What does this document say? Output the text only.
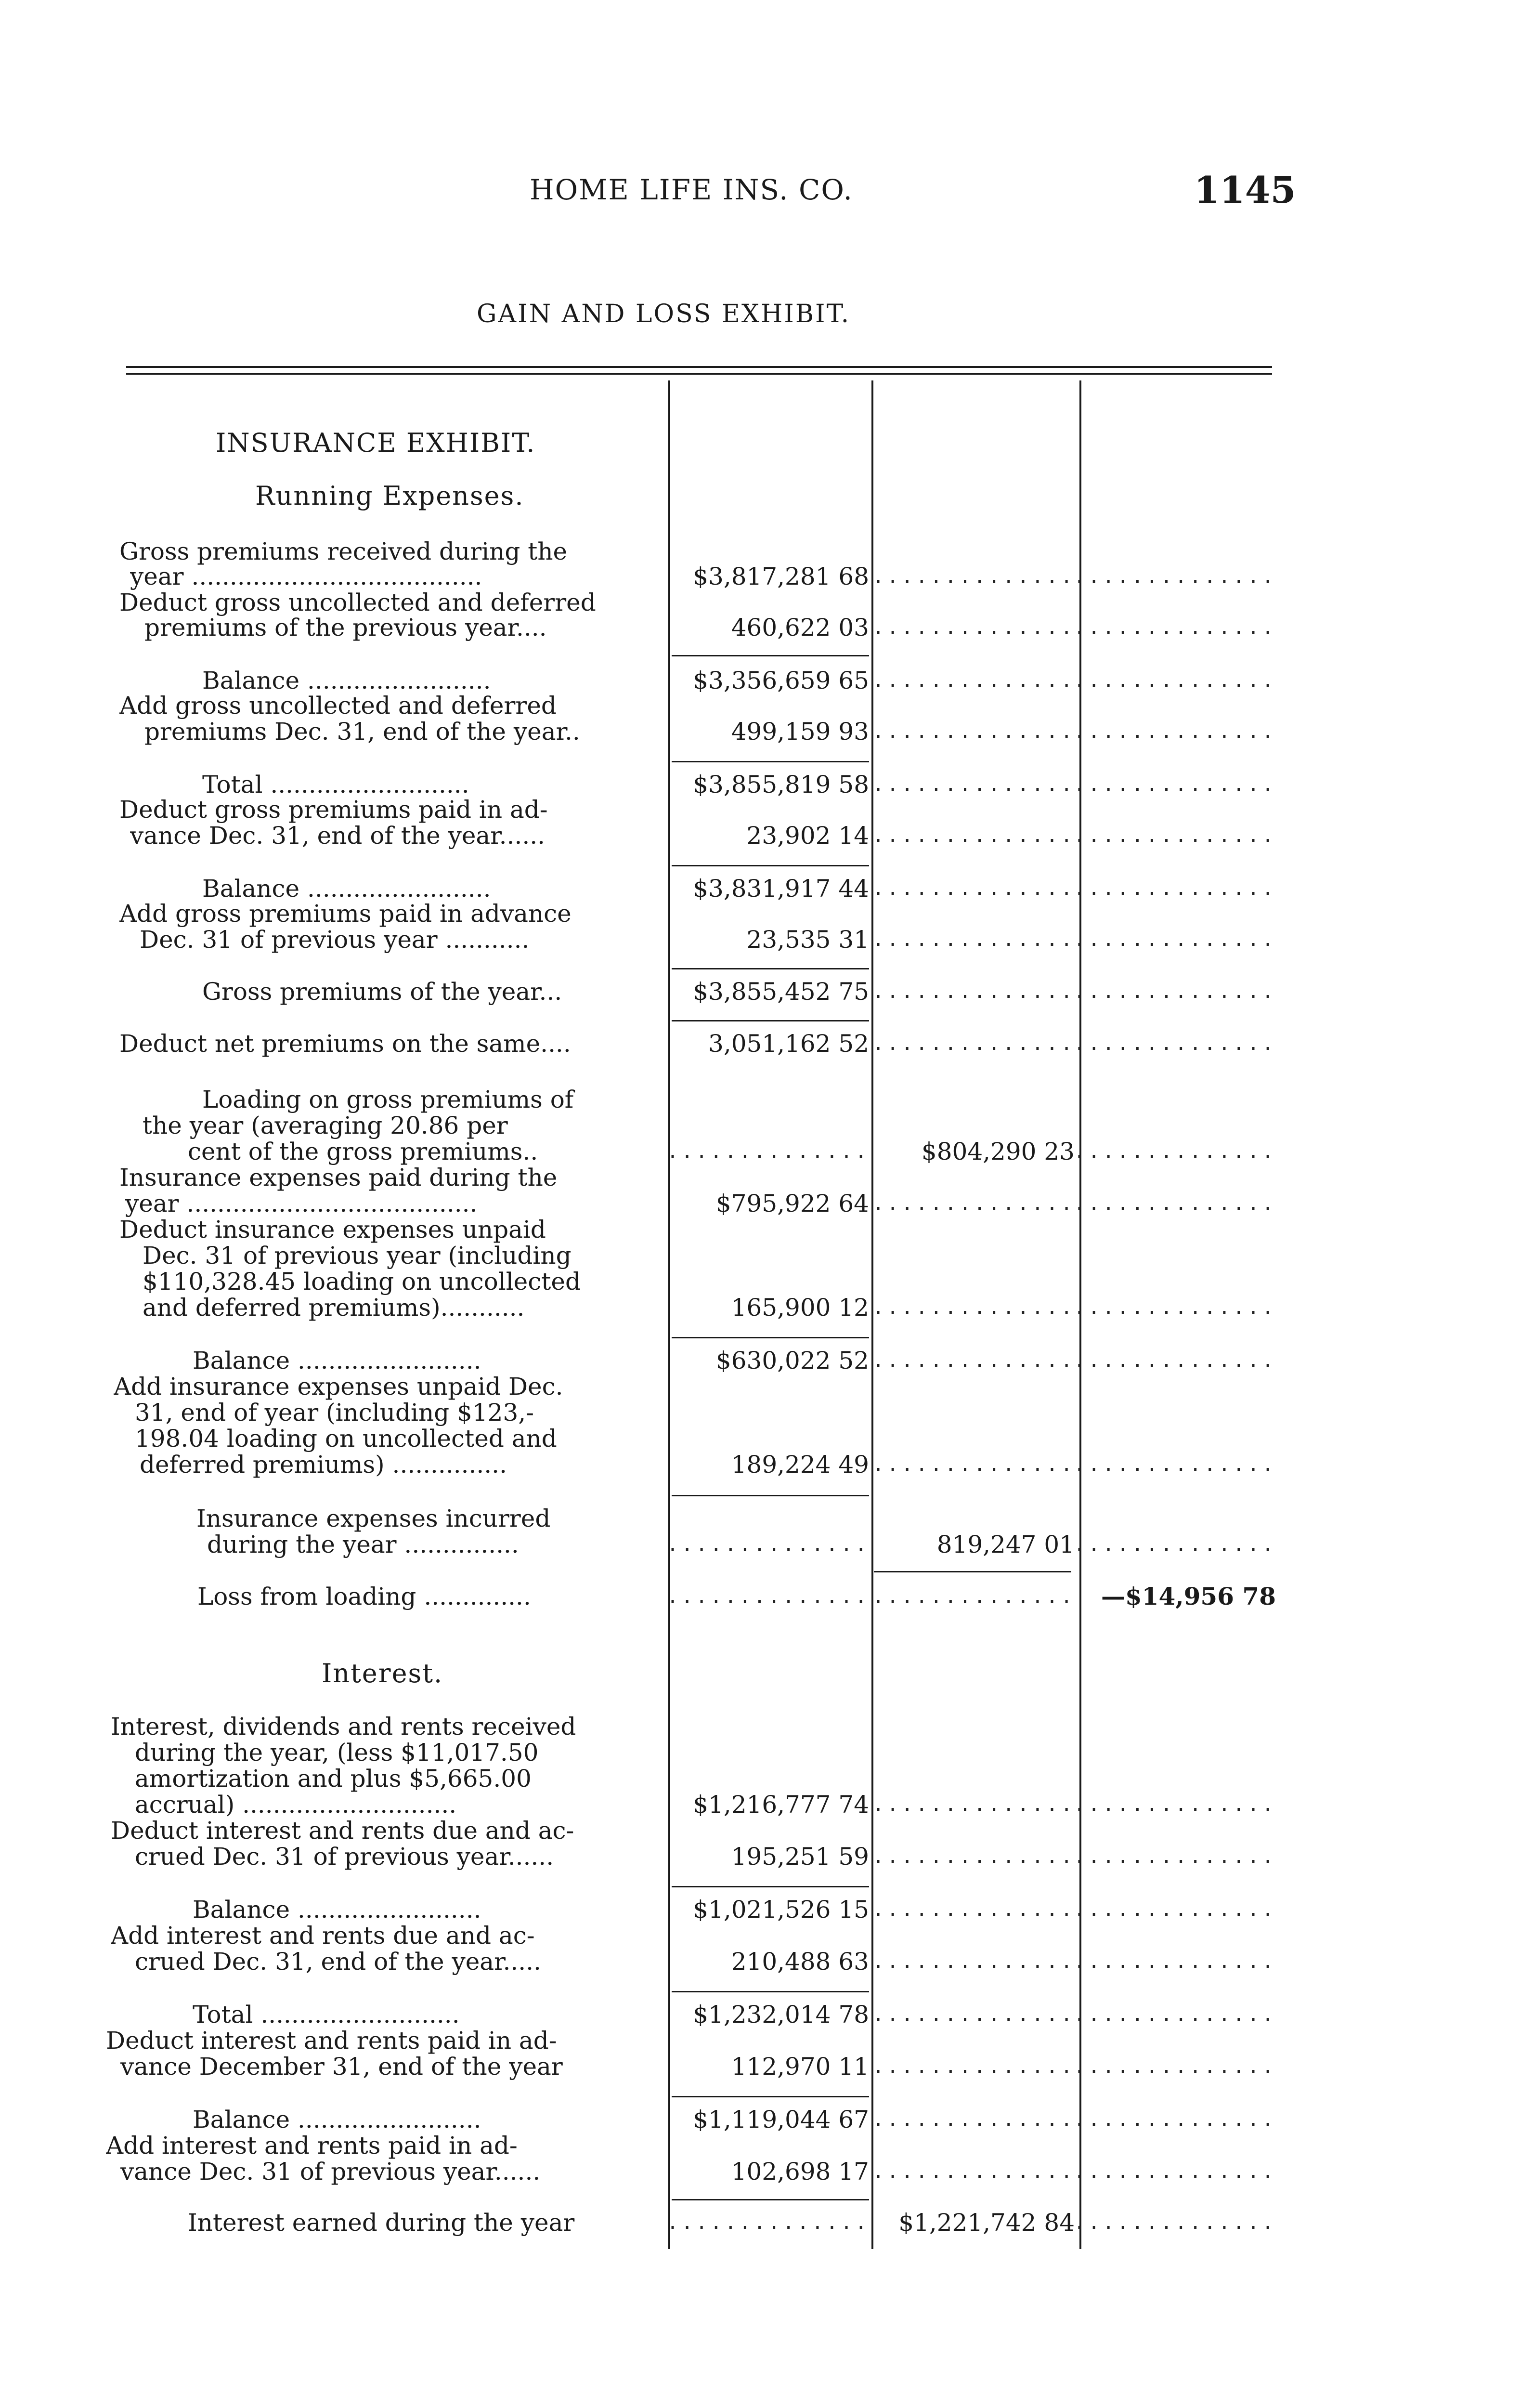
HOME LIFE INS. CO.	1145
GAIN AND LOSS EXHIBIT.
INSURANCE EXHIBIT.
Running Expenses.
Interest.
Gross premiums received during the
year ......................................	$3,817,281 68 ..............
..............
Deduct gross uncollected and deferred
premiums of the previous year....	460,622 03 ..............
..............
Balance ........................	$3,356,659 65 ..............
..............
Add gross uncollected and deferred
premiums Dec. 31, end of the year..	499,159 93 ..............
..............
Total ..........................	$3,855,819 58 ..............
..............
Deduct gross premiums paid in ad-
vance Dec. 31, end of the year......	23,902 14 ..............
..............
Balance ........................	$3,831,917 44 ..............
..............
Add gross premiums paid in advance
Dec. 31 of previous year ...........	23,535 31 ..............
..............
Gross premiums of the year...	$3,855,452 75 ..............
..............
Deduct net premiums on the same....	3,051,162 52 ..............
..............
Loading on gross premiums of
the year (averaging 20.86 per
cent of the gross premiums..	..............	$804,290 23
..............
Insurance expenses paid during the
year ......................................	$795,922 64 ..............
..............
Deduct insurance expenses unpaid
Dec. 31 of previous year (including
$110,328.45 loading on uncollected
and deferred premiums)...........	165,900 12 ..............
..............
Balance ........................	$630,022 52 ..............
..............
Add insurance expenses unpaid Dec.
31, end of year (including $123,-
198.04 loading on uncollected and
deferred premiums) ...............	189,224 49 ..............
..............
Insurance expenses incurred
during the year ...............	..............	819,247 01
..............
Loss from loading ..............	.............. ..............	—$14,956 78
Interest, dividends and rents received
during the year, (less $11,017.50
amortization and plus $5,665.00
accrual) ............................	$1,216,777 74 ..............
..............
Deduct interest and rents due and ac-
crued Dec. 31 of previous year......	195,251 59 ..............
..............
Balance ........................	$1,021,526 15 ..............
..............
Add interest and rents due and ac-
crued Dec. 31, end of the year.....	210,488 63 ..............
..............
Total ..........................	$1,232,014 78 ..............
..............
Deduct interest and rents paid in ad-
vance December 31, end of the year	112,970 11 ..............
..............
Balance ........................	$1,119,044 67 ..............
..............
Add interest and rents paid in ad-
vance Dec. 31 of previous year......	102,698 17 ..............
..............
Interest earned during the year	..............	$1,221,742 84
..............
